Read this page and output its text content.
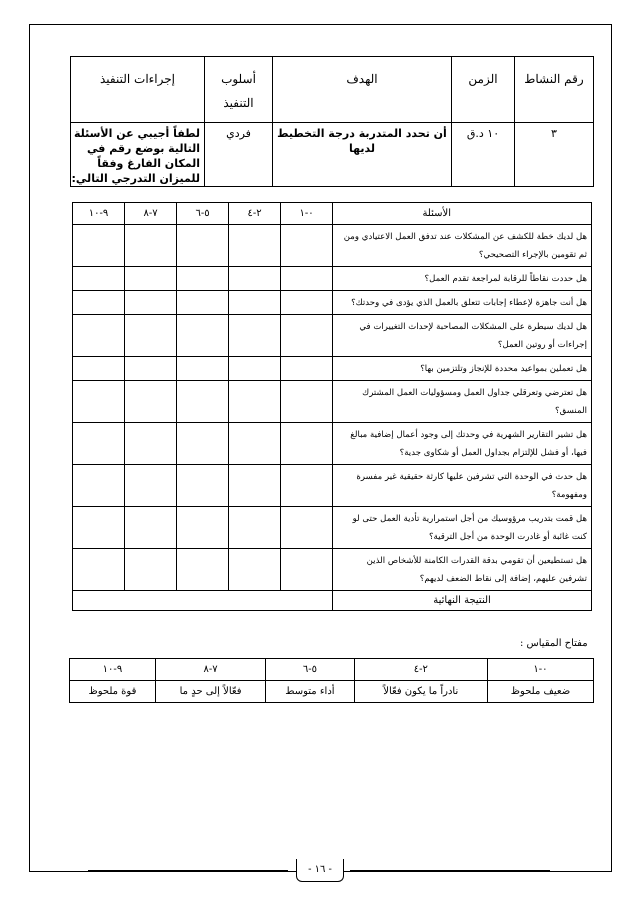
رقم النشاط	الزمن	الهدف	أسلوب التنفيذ	إجراءات التنفيذ
٣	١٠ د.ق	أن تحدد المتدربة درجة التخطيط لديها	فردي	لطفاً أجيبي عن الأسئلة التالية بوضع رقم في المكان الفارغ وفقاً للميزان التدرجي التالي:
الأسئلة	٠-١	٢-٤	٥-٦	٧-٨	٩-١٠
هل لديك خطة للكشف عن المشكلات عند تدفق العمل الاعتيادي ومن ثم تقومين بالإجراء التصحيحي؟					
هل حددت نقاطاً للرقابة لمراجعة تقدم العمل؟					
هل أنت جاهزة لإعطاء إجابات تتعلق بالعمل الذي يؤدى في وحدتك؟					
هل لديك سيطرة على المشكلات المصاحبة لإحداث التغييرات في إجراءات أو روتين العمل؟					
هل تعملين بمواعيد محددة للإنجاز وتلتزمين بها؟					
هل تعترضي وتعرقلي جداول العمل ومسؤوليات العمل المشترك المنسق؟					
هل تشير التقارير الشهرية في وحدتك إلى وجود أعمال إضافية مبالغ فيها، أو فشل للإلتزام بجداول العمل أو شكاوى جدية؟					
هل حدث في الوحدة التي تشرفين عليها كارثة حقيقية غير مفسرة ومفهومة؟					
هل قمت بتدريب مرؤوسيك من أجل استمرارية تأدية العمل حتى لو كنت غائبة أو غادرت الوحدة من أجل الترقية؟					
هل تستطيعين أن تقومي بدقة القدرات الكامنة للأشخاص الذين تشرفين عليهم، إضافة إلى نقاط الضعف لديهم؟					
النتيجة النهائية					
مفتاح المقياس :
٠-١	٢-٤	٥-٦	٧-٨	٩-١٠
ضعيف ملحوظ	نادراً ما يكون فعّالاً	أداء متوسط	فعّالاً إلى حدٍ ما	قوة ملحوظ
- ١٦ -
